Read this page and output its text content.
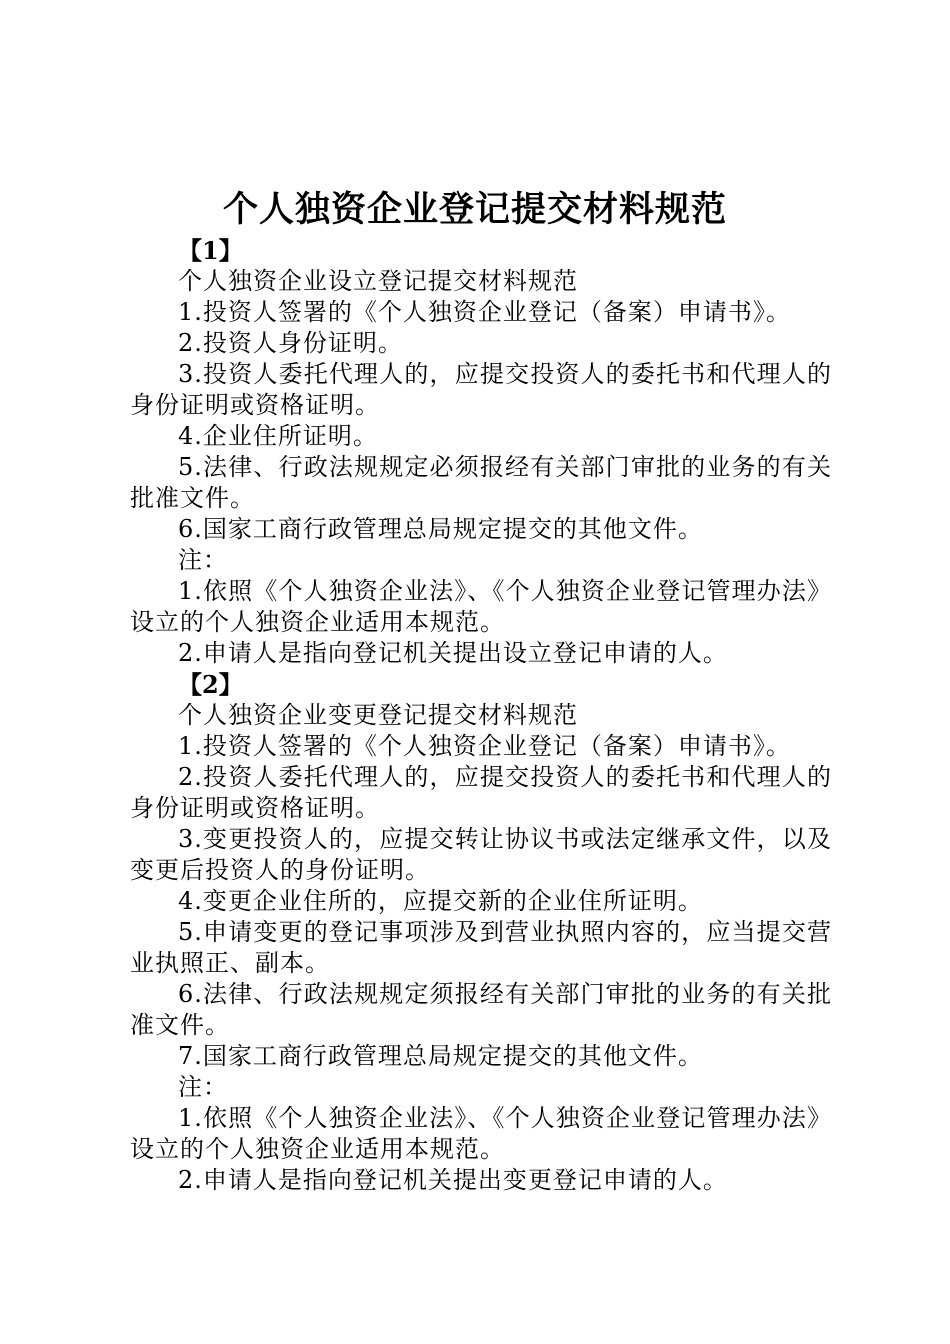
个人独资企业登记提交材料规范

【1】

个人独资企业设立登记提交材料规范

1.投资人签署的《个人独资企业登记（备案）申请书》。

2.投资人身份证明。

3.投资人委托代理人的，应提交投资人的委托书和代理人的身份证明或资格证明。

4.企业住所证明。

5.法律、行政法规规定必须报经有关部门审批的业务的有关批准文件。

6.国家工商行政管理总局规定提交的其他文件。

注：

1.依照《个人独资企业法》、《个人独资企业登记管理办法》设立的个人独资企业适用本规范。

2.申请人是指向登记机关提出设立登记申请的人。

【2】

个人独资企业变更登记提交材料规范

1.投资人签署的《个人独资企业登记（备案）申请书》。

2.投资人委托代理人的，应提交投资人的委托书和代理人的身份证明或资格证明。

3.变更投资人的，应提交转让协议书或法定继承文件，以及变更后投资人的身份证明。

4.变更企业住所的，应提交新的企业住所证明。

5.申请变更的登记事项涉及到营业执照内容的，应当提交营业执照正、副本。

6.法律、行政法规规定须报经有关部门审批的业务的有关批准文件。

7.国家工商行政管理总局规定提交的其他文件。

注：

1.依照《个人独资企业法》、《个人独资企业登记管理办法》设立的个人独资企业适用本规范。

2.申请人是指向登记机关提出变更登记申请的人。
